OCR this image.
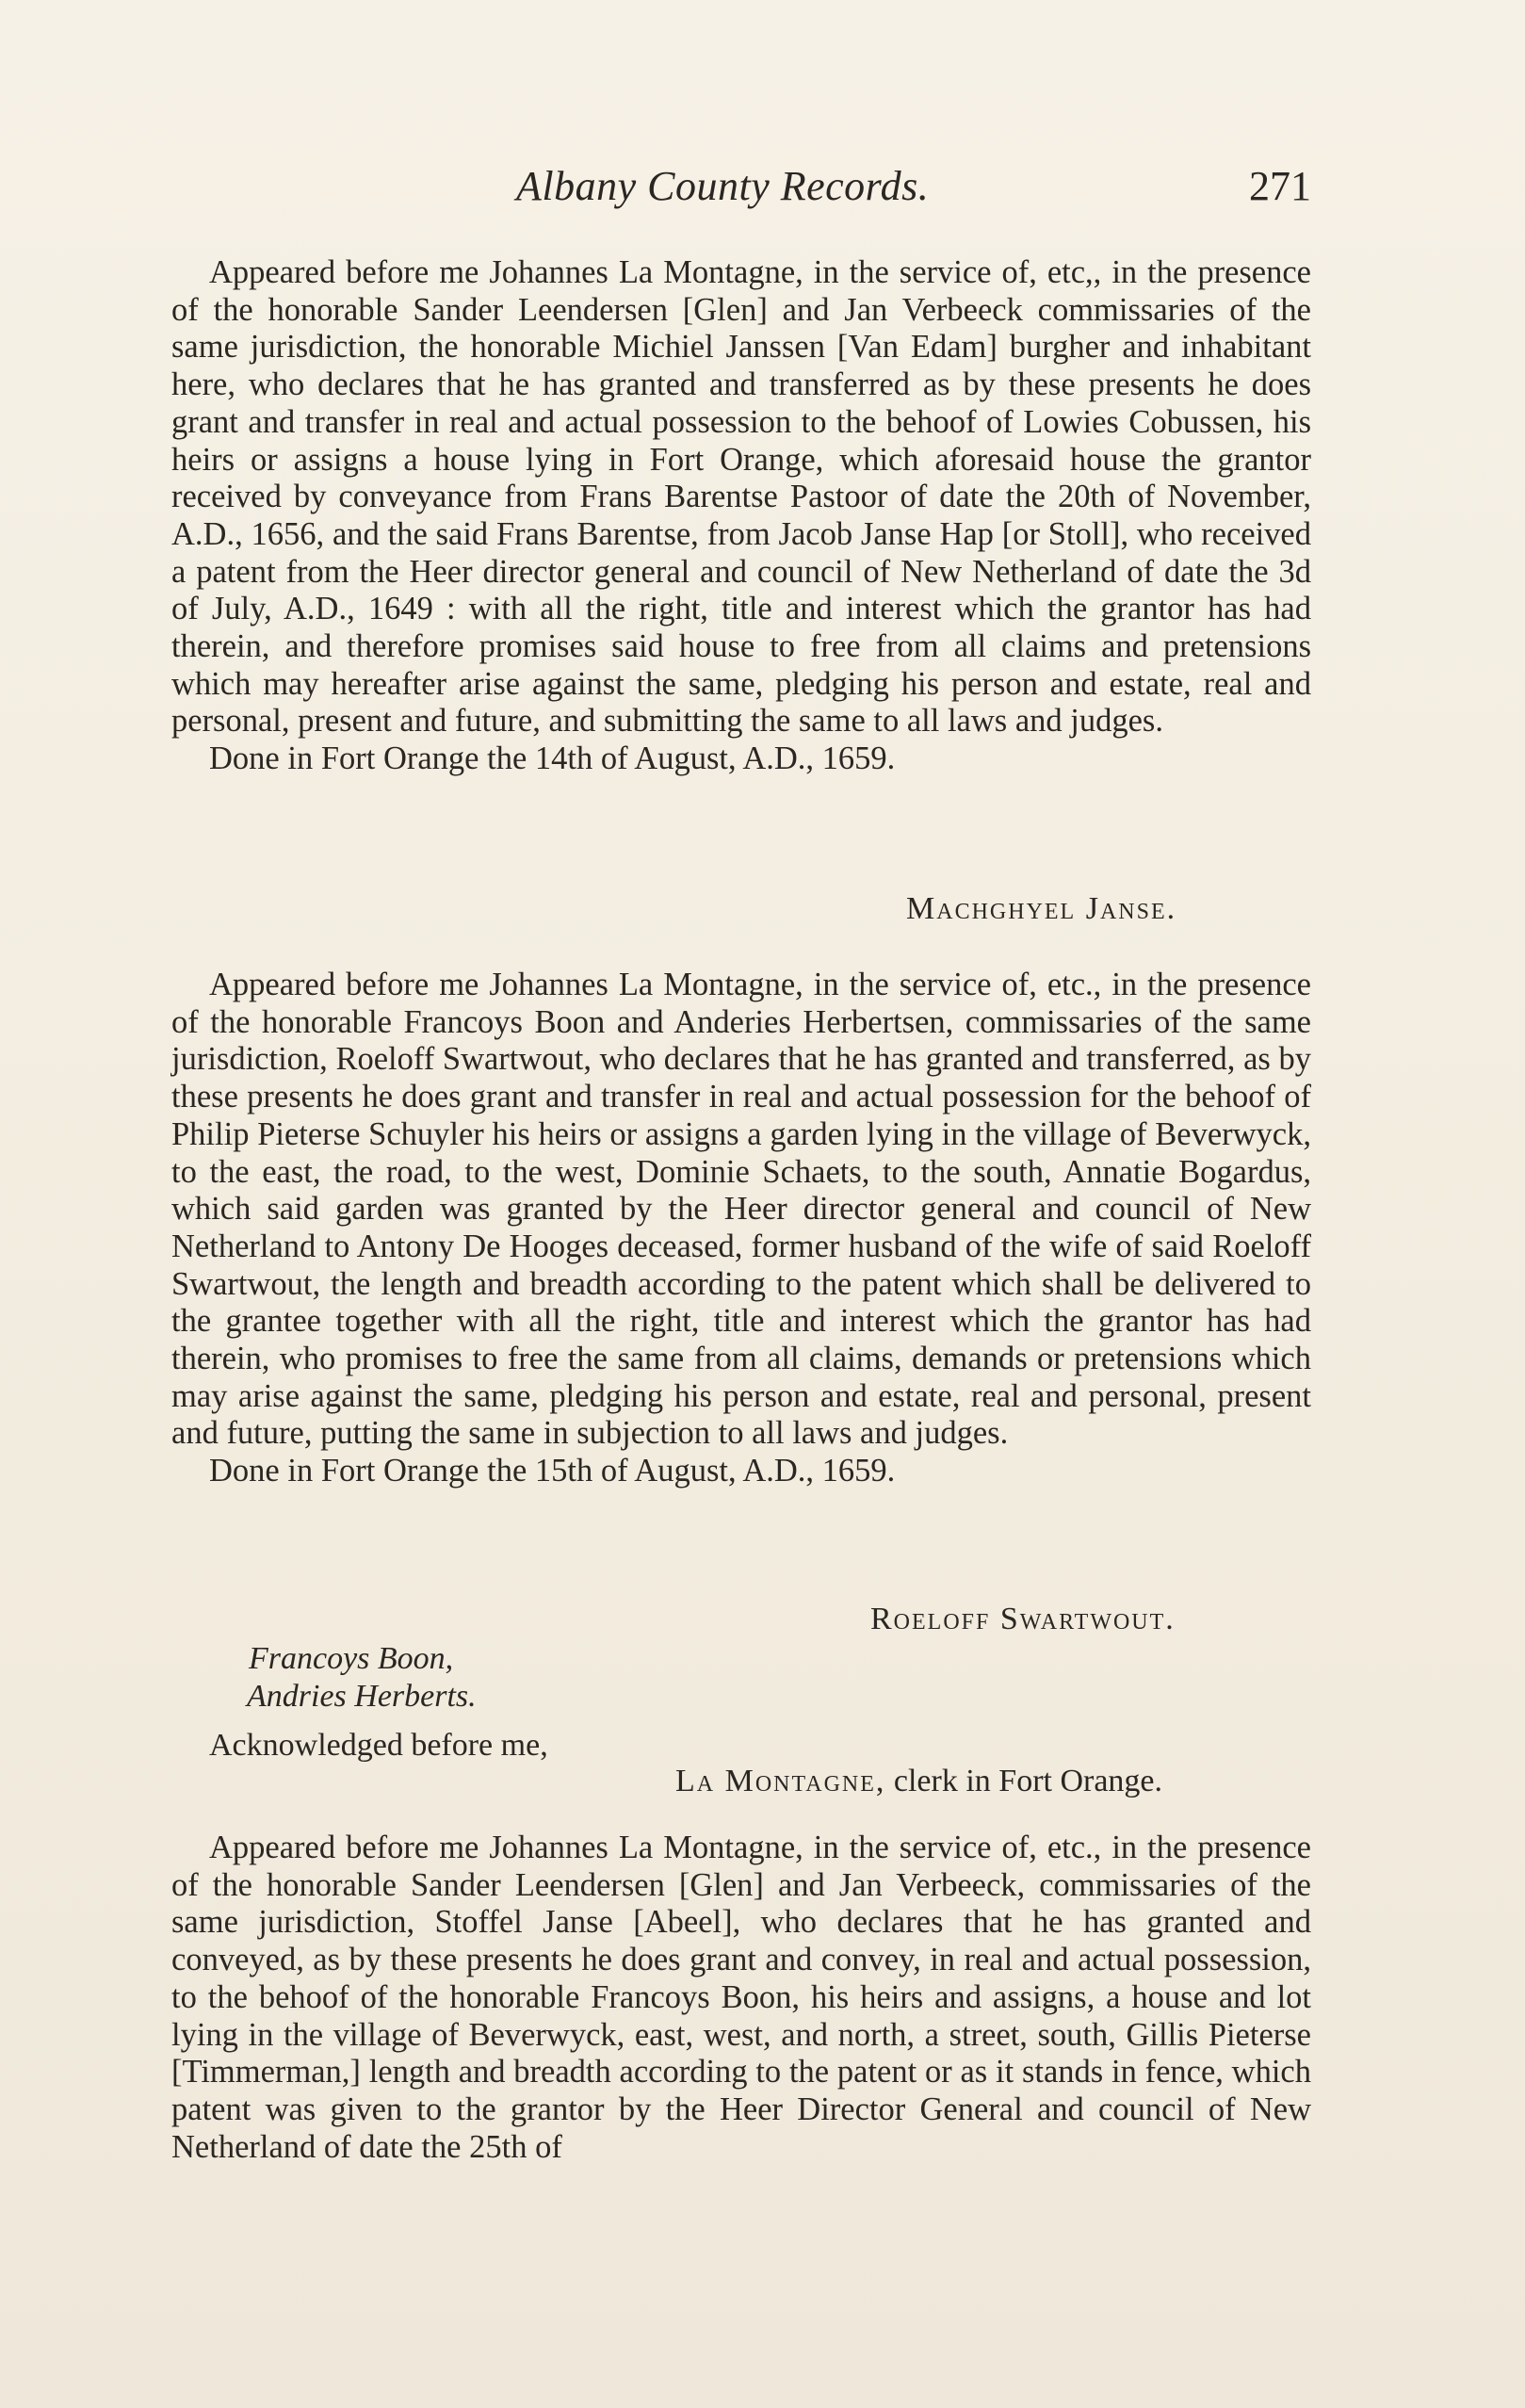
Albany County Records.	271

Appeared before me Johannes La Montagne, in the service of, etc,, in the presence of the honorable Sander Leendersen [Glen] and Jan Verbeeck commissaries of the same jurisdiction, the honorable Michiel Janssen [Van Edam] burgher and inhabitant here, who declares that he has granted and transferred as by these presents he does grant and transfer in real and actual possession to the behoof of Lowies Cobussen, his heirs or assigns a house lying in Fort Orange, which aforesaid house the grantor received by conveyance from Frans Barentse Pastoor of date the 20th of November, A.D., 1656, and the said Frans Barentse, from Jacob Janse Hap [or Stoll], who received a patent from the Heer director general and council of New Netherland of date the 3d of July, A.D., 1649 : with all the right, title and interest which the grantor has had therein, and therefore promises said house to free from all claims and pretensions which may hereafter arise against the same, pledging his person and estate, real and personal, present and future, and submitting the same to all laws and judges.

Done in Fort Orange the 14th of August, A.D., 1659.

Machghyel Janse.

Appeared before me Johannes La Montagne, in the service of, etc., in the presence of the honorable Francoys Boon and Anderies Herbertsen, commissaries of the same jurisdiction, Roeloff Swartwout, who declares that he has granted and transferred, as by these presents he does grant and transfer in real and actual possession for the behoof of Philip Pieterse Schuyler his heirs or assigns a garden lying in the village of Beverwyck, to the east, the road, to the west, Dominie Schaets, to the south, Annatie Bogardus, which said garden was granted by the Heer director general and council of New Netherland to Antony De Hooges deceased, former husband of the wife of said Roeloff Swartwout, the length and breadth according to the patent which shall be delivered to the grantee together with all the right, title and interest which the grantor has had therein, who promises to free the same from all claims, demands or pretensions which may arise against the same, pledging his person and estate, real and personal, present and future, putting the same in subjection to all laws and judges.

Done in Fort Orange the 15th of August, A.D., 1659.

Roeloff Swartwout.
Francoys Boon,
Andries Herberts.
Acknowledged before me,
La Montagne, clerk in Fort Orange.

Appeared before me Johannes La Montagne, in the service of, etc., in the presence of the honorable Sander Leendersen [Glen] and Jan Verbeeck, commissaries of the same jurisdiction, Stoffel Janse [Abeel], who declares that he has granted and conveyed, as by these presents he does grant and convey, in real and actual possession, to the behoof of the honorable Francoys Boon, his heirs and assigns, a house and lot lying in the village of Beverwyck, east, west, and north, a street, south, Gillis Pieterse [Timmerman,] length and breadth according to the patent or as it stands in fence, which patent was given to the grantor by the Heer Director General and council of New Netherland of date the 25th of
